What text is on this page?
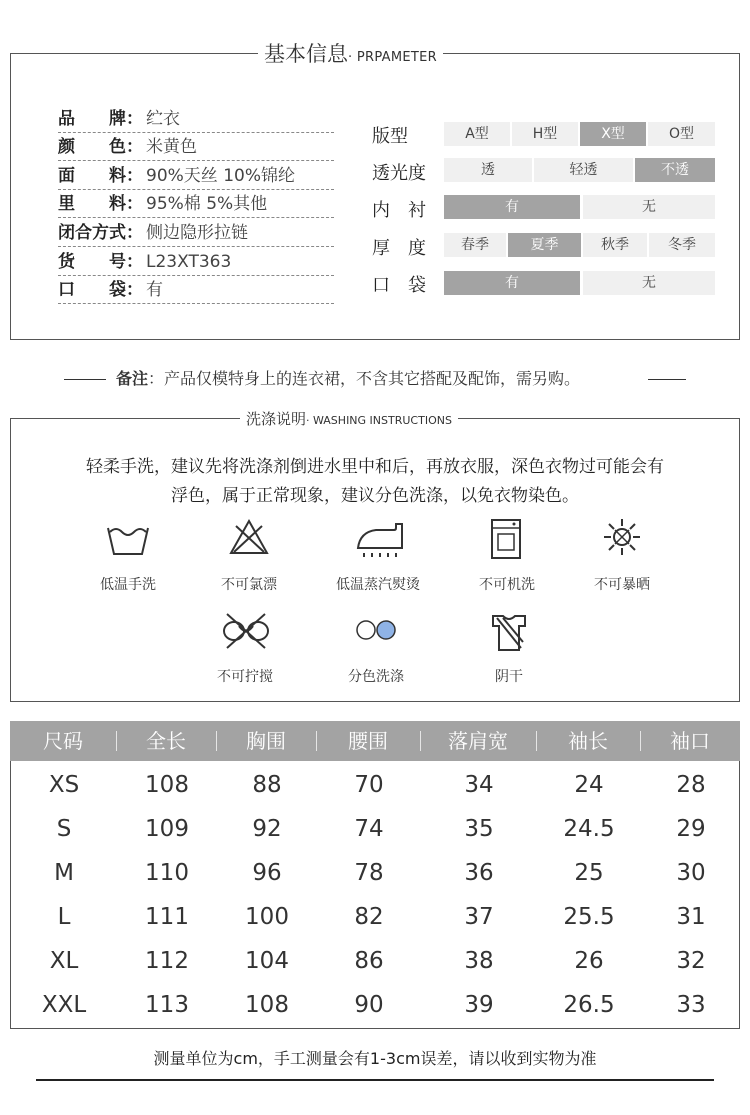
基本信息· PRPAMETER
品　　牌： 纻衣
颜　　色： 米黄色
面　　料： 90%天丝 10%锦纶
里　　料： 95%棉 5%其他
闭合方式： 侧边隐形拉链
货　　号： L23XT363
口　　袋： 有
版型	A型	H型	X型	O型
透光度	透	轻透	不透
内　衬	有	无
厚　度	春季	夏季	秋季	冬季
口　袋	有	无
备注：产品仅模特身上的连衣裙，不含其它搭配及配饰，需另购。
洗涤说明· WASHING INSTRUCTIONS
轻柔手洗，建议先将洗涤剂倒进水里中和后，再放衣服，深色衣物过可能会有
浮色，属于正常现象，建议分色洗涤，以免衣物染色。
低温手洗	不可氯漂	低温蒸汽熨烫	不可机洗	不可暴晒
不可拧搅	分色洗涤	阴干
尺码	全长	胸围	腰围	落肩宽	袖长	袖口
XS	108	88	70	34	24	28
S	109	92	74	35	24.5	29
M	110	96	78	36	25	30
L	111	100	82	37	25.5	31
XL	112	104	86	38	26	32
XXL	113	108	90	39	26.5	33
测量单位为cm，手工测量会有1-3cm误差，请以收到实物为准
